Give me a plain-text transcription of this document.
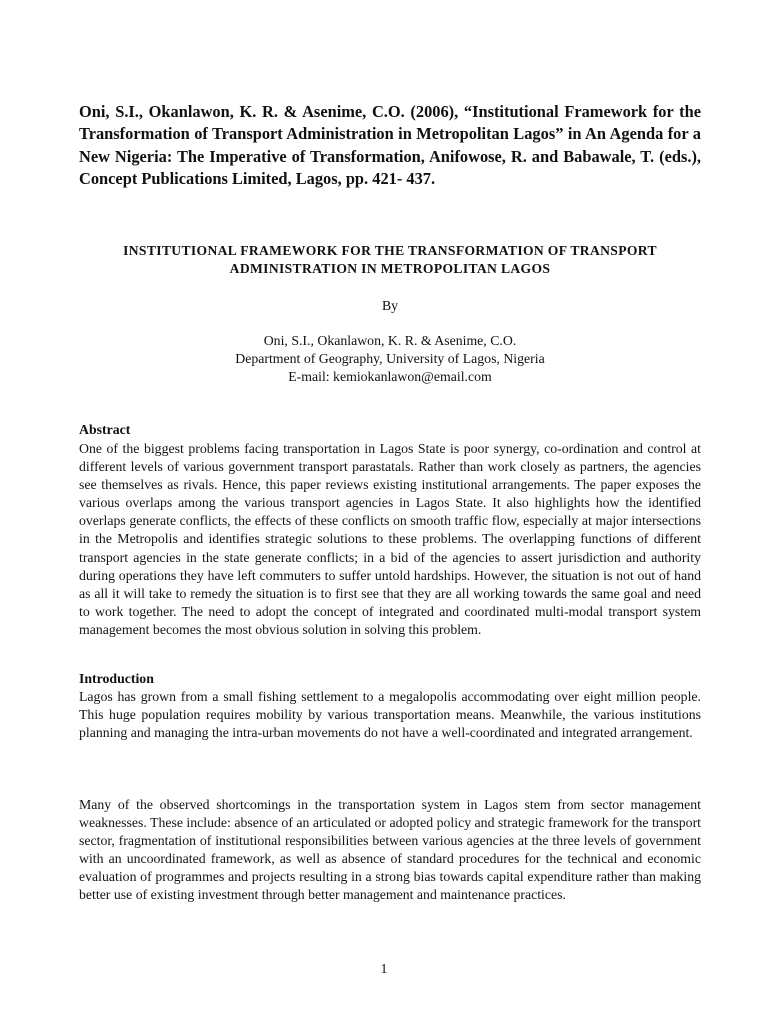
Oni, S.I., Okanlawon, K. R. & Asenime, C.O. (2006), “Institutional Framework for the Transformation of Transport Administration in Metropolitan Lagos” in An Agenda for a New Nigeria: The Imperative of Transformation, Anifowose, R. and Babawale, T. (eds.), Concept Publications Limited, Lagos, pp. 421- 437.
INSTITUTIONAL FRAMEWORK FOR THE TRANSFORMATION OF TRANSPORT
ADMINISTRATION IN METROPOLITAN LAGOS
By
Oni, S.I., Okanlawon, K. R. & Asenime, C.O.
Department of Geography, University of Lagos, Nigeria
E-mail: kemiokanlawon@email.com
Abstract
One of the biggest problems facing transportation in Lagos State is poor synergy, co-ordination and control at different levels of various government transport parastatals. Rather than work closely as partners, the agencies see themselves as rivals. Hence, this paper reviews existing institutional arrangements. The paper exposes the various overlaps among the various transport agencies in Lagos State. It also highlights how the identified overlaps generate conflicts, the effects of these conflicts on smooth traffic flow, especially at major intersections in the Metropolis and identifies strategic solutions to these problems. The overlapping functions of different transport agencies in the state generate conflicts; in a bid of the agencies to assert jurisdiction and authority during operations they have left commuters to suffer untold hardships. However, the situation is not out of hand as all it will take to remedy the situation is to first see that they are all working towards the same goal and need to work together. The need to adopt the concept of integrated and coordinated multi-modal transport system management becomes the most obvious solution in solving this problem.
Introduction
Lagos has grown from a small fishing settlement to a megalopolis accommodating over eight million people. This huge population requires mobility by various transportation means. Meanwhile, the various institutions planning and managing the intra-urban movements do not have a well-coordinated and integrated arrangement.
Many of the observed shortcomings in the transportation system in Lagos stem from sector management weaknesses. These include: absence of an articulated or adopted policy and strategic framework for the transport sector, fragmentation of institutional responsibilities between various agencies at the three levels of government with an uncoordinated framework, as well as absence of standard procedures for the technical and economic evaluation of programmes and projects resulting in a strong bias towards capital expenditure rather than making better use of existing investment through better management and maintenance practices.
1
